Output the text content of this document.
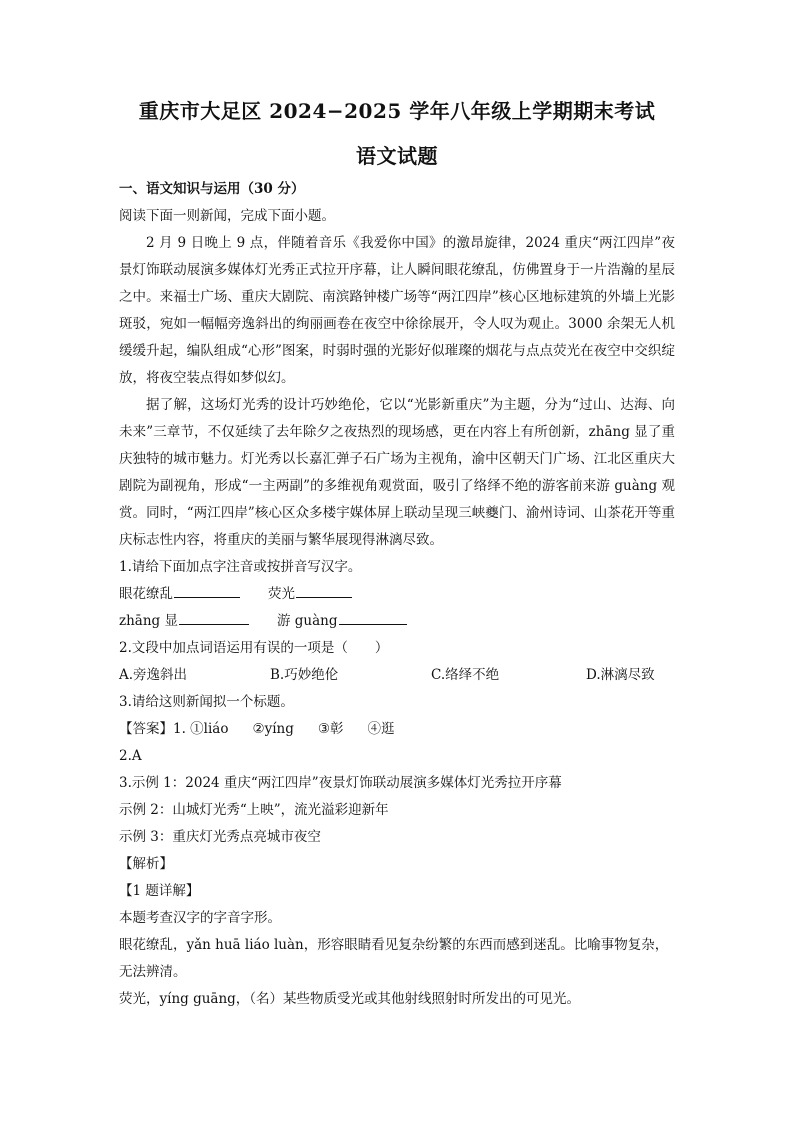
重庆市大足区 2024−2025 学年八年级上学期期末考试
语文试题

一、语文知识与运用（30 分）

阅读下面一则新闻，完成下面小题。

2 月 9 日晚上 9 点，伴随着音乐《我爱你中国》的激昂旋律，2024 重庆“两江四岸”夜景灯饰联动展演多媒体灯光秀正式拉开序幕，让人瞬间眼花缭乱，仿佛置身于一片浩瀚的星辰之中。来福士广场、重庆大剧院、南滨路钟楼广场等“两江四岸”核心区地标建筑的外墙上光影斑驳，宛如一幅幅旁逸斜出的绚丽画卷在夜空中徐徐展开，令人叹为观止。3000 余架无人机缓缓升起，编队组成“心形”图案，时弱时强的光影好似璀璨的烟花与点点荧光在夜空中交织绽放，将夜空装点得如梦似幻。

据了解，这场灯光秀的设计巧妙绝伦，它以“光影新重庆”为主题，分为“过山、达海、向未来”三章节，不仅延续了去年除夕之夜热烈的现场感，更在内容上有所创新，zhāng 显了重庆独特的城市魅力。灯光秀以长嘉汇弹子石广场为主视角，渝中区朝天门广场、江北区重庆大剧院为副视角，形成“一主两副”的多维视角观赏面，吸引了络绎不绝的游客前来游 guàng 观赏。同时，“两江四岸”核心区众多楼宇媒体屏上联动呈现三峡夔门、渝州诗词、山茶花开等重庆标志性内容，将重庆的美丽与繁华展现得淋漓尽致。

1.请给下面加点字注音或按拼音写汉字。

眼花缭乱	荧光

zhāng 显	游 guàng

2.文段中加点词语运用有误的一项是（　　）

A.旁逸斜出	B.巧妙绝伦	C.络绎不绝	D.淋漓尽致

3.请给这则新闻拟一个标题。

【答案】1. ①liáo ②yíng ③彰 ④逛

2.A

3.示例 1：2024 重庆“两江四岸”夜景灯饰联动展演多媒体灯光秀拉开序幕

示例 2：山城灯光秀“上映”，流光溢彩迎新年

示例 3：重庆灯光秀点亮城市夜空

【解析】

【1 题详解】

本题考查汉字的字音字形。

眼花缭乱，yǎn huā liáo luàn，形容眼睛看见复杂纷繁的东西而感到迷乱。比喻事物复杂，无法辨清。

荧光，yíng guāng，（名）某些物质受光或其他射线照射时所发出的可见光。
